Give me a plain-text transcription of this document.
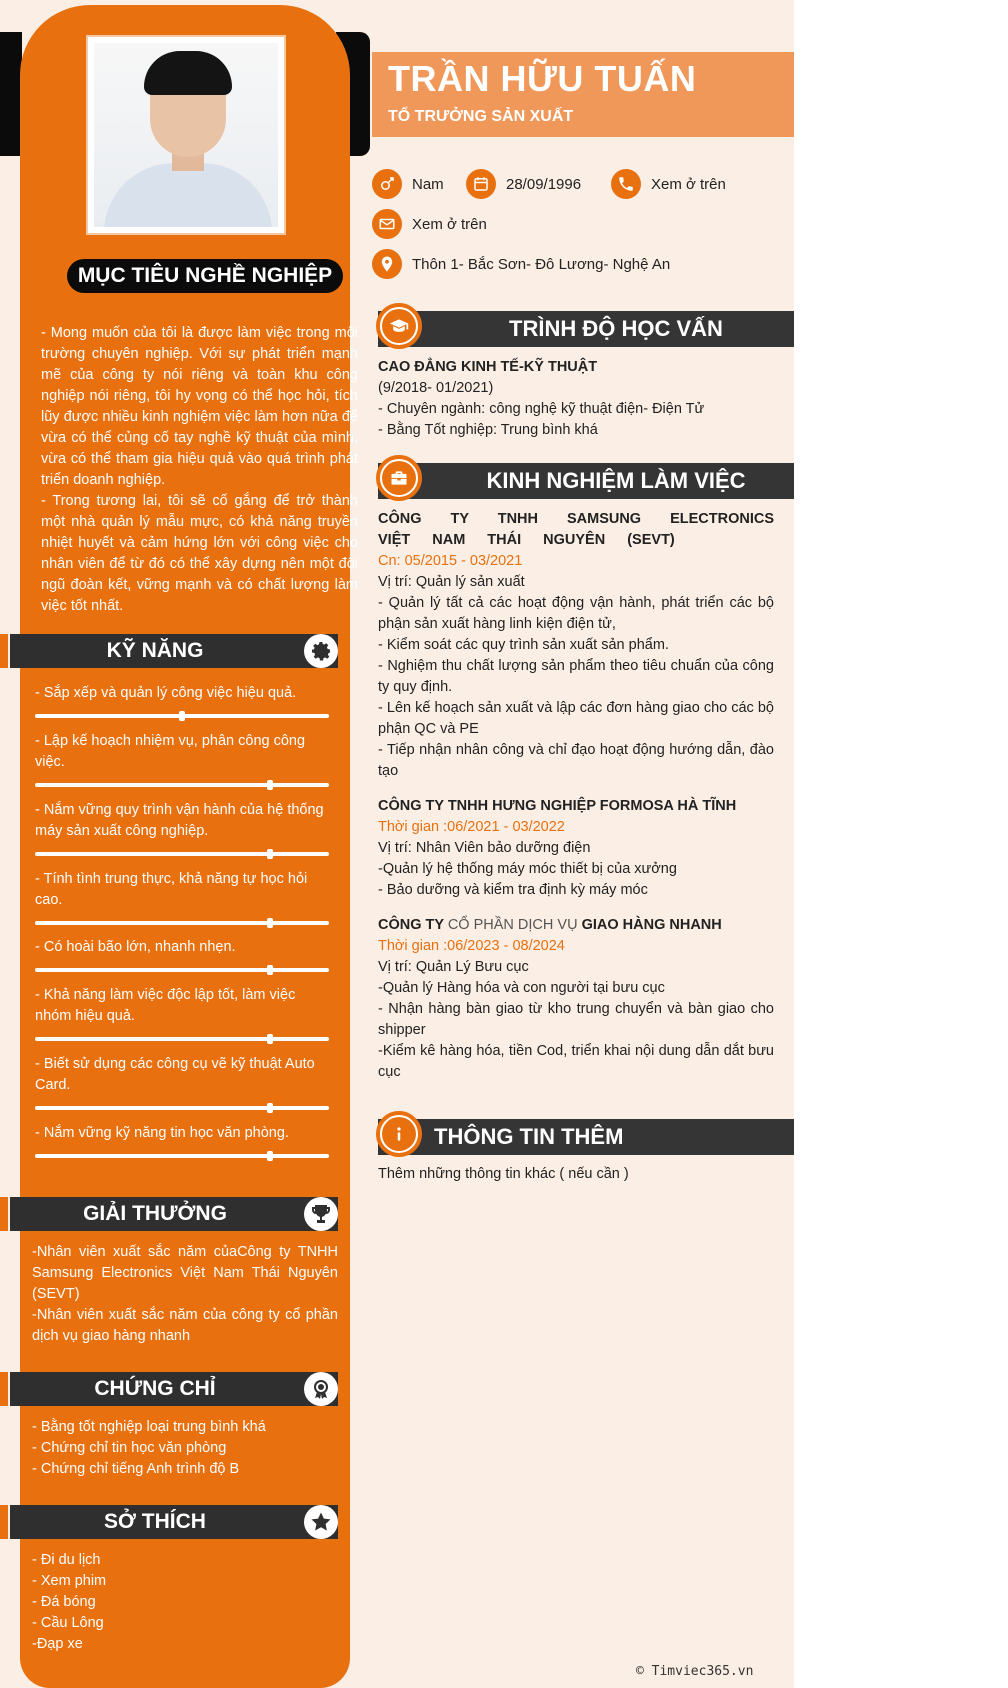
MỤC TIÊU NGHỀ NGHIỆP
- Mong muốn của tôi là được làm việc trong môi trường chuyên nghiệp. Với sự phát triển mạnh mẽ của công ty nói riêng và toàn khu công nghiệp nói riêng, tôi hy vọng có thể học hỏi, tích lũy được nhiều kinh nghiệm việc làm hơn nữa để vừa có thể củng cố tay nghề kỹ thuật của mình, vừa có thể tham gia hiệu quả vào quá trình phát triển doanh nghiệp.
- Trong tương lai, tôi sẽ cố gắng để trở thành một nhà quản lý mẫu mực, có khả năng truyền nhiệt huyết và cảm hứng lớn với công việc cho nhân viên để từ đó có thể xây dựng nên một đội ngũ đoàn kết, vững mạnh và có chất lượng làm việc tốt nhất.
KỸ NĂNG
- Sắp xếp và quản lý công việc hiệu quả.
- Lập kế hoạch nhiệm vụ, phân công công việc.
- Nắm vững quy trình vận hành của hệ thống máy sản xuất công nghiệp.
- Tính tình trung thực, khả năng tự học hỏi cao.
- Có hoài bão lớn, nhanh nhẹn.
- Khả năng làm việc độc lập tốt, làm việc nhóm hiệu quả.
- Biết sử dụng các công cụ vẽ kỹ thuật Auto Card.
- Nắm vững kỹ năng tin học văn phòng.
GIẢI THƯỞNG
-Nhân viên xuất sắc năm củaCông ty TNHH Samsung Electronics Việt Nam Thái Nguyên (SEVT)
-Nhân viên xuất sắc năm của công ty cổ phần dịch vụ giao hàng nhanh
CHỨNG CHỈ
- Bằng tốt nghiệp loại trung bình khá
- Chứng chỉ tin học văn phòng
- Chứng chỉ tiếng Anh trình độ B
SỞ THÍCH
- Đi du lịch
- Xem phim
- Đá bóng
- Cầu Lông
-Đạp xe
TRẦN HỮU TUẤN
TỔ TRƯỞNG SẢN XUẤT
Nam	28/09/1996	Xem ở trên
Xem ở trên
Thôn 1- Bắc Sơn- Đô Lương- Nghệ An
TRÌNH ĐỘ HỌC VẤN
CAO ĐẲNG KINH TẾ-KỸ THUẬT
(9/2018- 01/2021)
- Chuyên ngành: công nghệ kỹ thuật điện- Điện Tử
- Bằng Tốt nghiệp: Trung bình khá
KINH NGHIỆM LÀM VIỆC
CÔNG TY TNHH SAMSUNG ELECTRONICS VIỆT NAM THÁI NGUYÊN (SEVT)
Cn: 05/2015 - 03/2021
Vị trí: Quản lý sản xuất
- Quản lý tất cả các hoạt động vận hành, phát triển các bộ phận sản xuất hàng linh kiện điện tử,
- Kiểm soát các quy trình sản xuất sản phẩm.
- Nghiệm thu chất lượng sản phẩm theo tiêu chuẩn của công ty quy định.
- Lên kế hoạch sản xuất và lập các đơn hàng giao cho các bộ phận QC và PE
- Tiếp nhận nhân công và chỉ đạo hoạt động hướng dẫn, đào tạo
CÔNG TY TNHH HƯNG NGHIỆP FORMOSA HÀ TĨNH
Thời gian :06/2021 - 03/2022
Vị trí: Nhân Viên bảo dưỡng điện
-Quản lý hệ thống máy móc thiết bị của xưởng
- Bảo dưỡng và kiểm tra định kỳ máy móc
CÔNG TY CỔ PHẦN DỊCH VỤ GIAO HÀNG NHANH
Thời gian :06/2023 - 08/2024
Vị trí: Quản Lý Bưu cục
-Quản lý Hàng hóa và con người tại bưu cục
- Nhận hàng bàn giao từ kho trung chuyển và bàn giao cho shipper
-Kiểm kê hàng hóa, tiền Cod, triển khai nội dung dẫn dắt bưu cục
THÔNG TIN THÊM
Thêm những thông tin khác ( nếu cần )
© Timviec365.vn
